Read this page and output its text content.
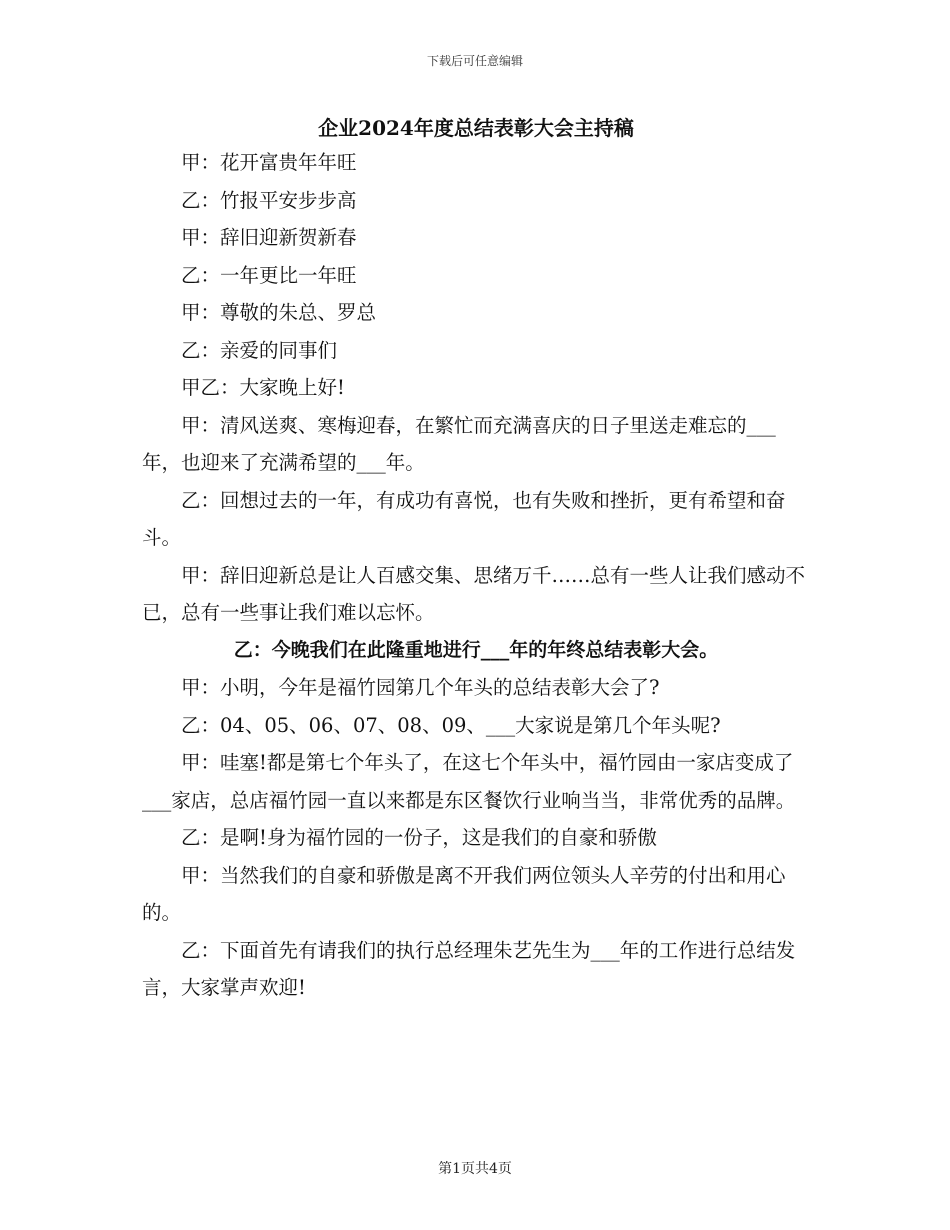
下载后可任意编辑
企业2024年度总结表彰大会主持稿

甲：花开富贵年年旺

乙：竹报平安步步高

甲：辞旧迎新贺新春

乙：一年更比一年旺

甲：尊敬的朱总、罗总

乙：亲爱的同事们

甲乙：大家晚上好!

甲：清风送爽、寒梅迎春，在繁忙而充满喜庆的日子里送走难忘的___年，也迎来了充满希望的___年。

乙：回想过去的一年，有成功有喜悦，也有失败和挫折，更有希望和奋斗。

甲：辞旧迎新总是让人百感交集、思绪万千……总有一些人让我们感动不已，总有一些事让我们难以忘怀。

乙：今晚我们在此隆重地进行___年的年终总结表彰大会。

甲：小明，今年是福竹园第几个年头的总结表彰大会了?

乙：04、05、06、07、08、09、___大家说是第几个年头呢?

甲：哇塞!都是第七个年头了，在这七个年头中，福竹园由一家店变成了___家店，总店福竹园一直以来都是东区餐饮行业响当当，非常优秀的品牌。

乙：是啊!身为福竹园的一份子，这是我们的自豪和骄傲

甲：当然我们的自豪和骄傲是离不开我们两位领头人辛劳的付出和用心的。

乙：下面首先有请我们的执行总经理朱艺先生为___年的工作进行总结发言，大家掌声欢迎!

第1页共4页
